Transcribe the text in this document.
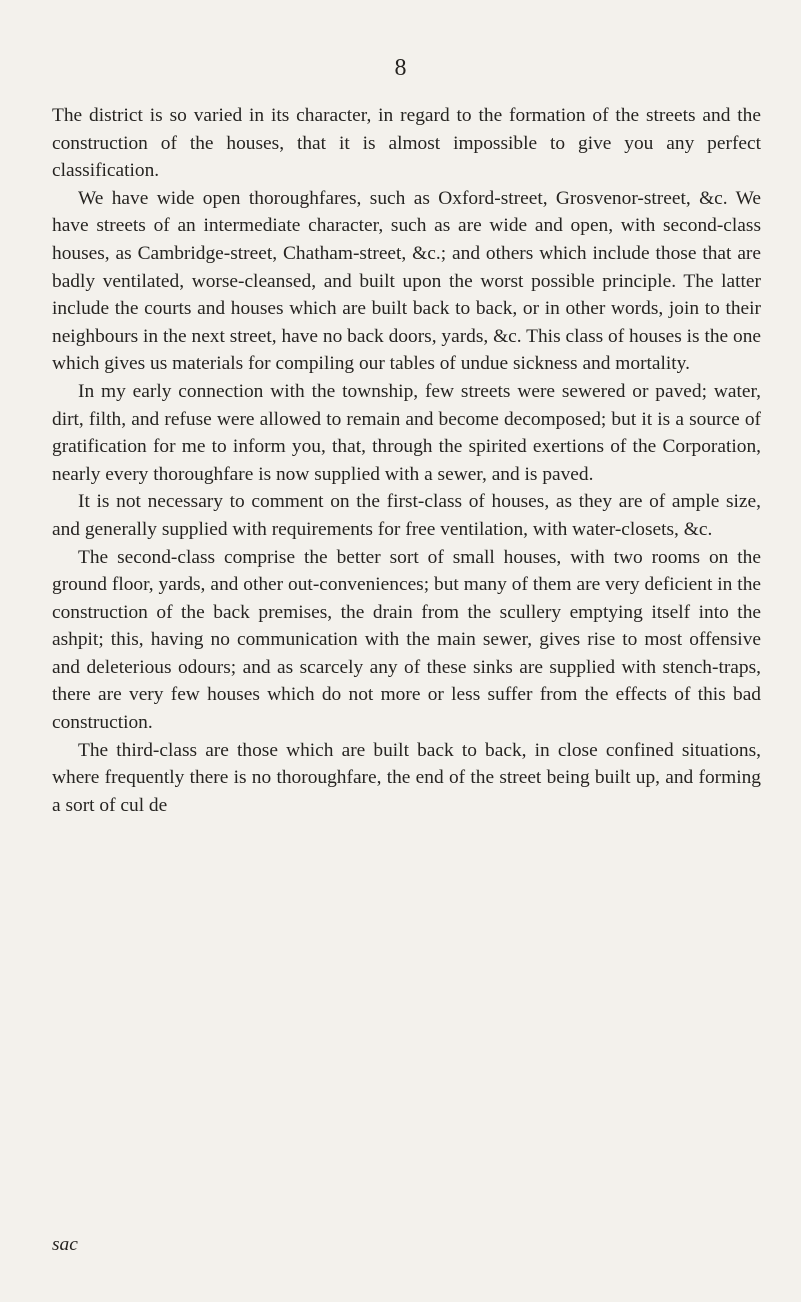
8

The district is so varied in its character, in regard to the formation of the streets and the construction of the houses, that it is almost impossible to give you any perfect classification.

We have wide open thoroughfares, such as Oxford-street, Grosvenor-street, &c. We have streets of an intermediate character, such as are wide and open, with second-class houses, as Cambridge-street, Chatham-street, &c.; and others which include those that are badly ventilated, worse-cleansed, and built upon the worst possible principle. The latter include the courts and houses which are built back to back, or in other words, join to their neighbours in the next street, have no back doors, yards, &c. This class of houses is the one which gives us materials for compiling our tables of undue sickness and mortality.

In my early connection with the township, few streets were sewered or paved; water, dirt, filth, and refuse were allowed to remain and become decomposed; but it is a source of gratification for me to inform you, that, through the spirited exertions of the Corporation, nearly every thoroughfare is now supplied with a sewer, and is paved.

It is not necessary to comment on the first-class of houses, as they are of ample size, and generally supplied with requirements for free ventilation, with water-closets, &c.

The second-class comprise the better sort of small houses, with two rooms on the ground floor, yards, and other out-conveniences; but many of them are very deficient in the construction of the back premises, the drain from the scullery emptying itself into the ashpit; this, having no communication with the main sewer, gives rise to most offensive and deleterious odours; and as scarcely any of these sinks are supplied with stench-traps, there are very few houses which do not more or less suffer from the effects of this bad construction.

The third-class are those which are built back to back, in close confined situations, where frequently there is no thoroughfare, the end of the street being built up, and forming a sort of cul de

sac
